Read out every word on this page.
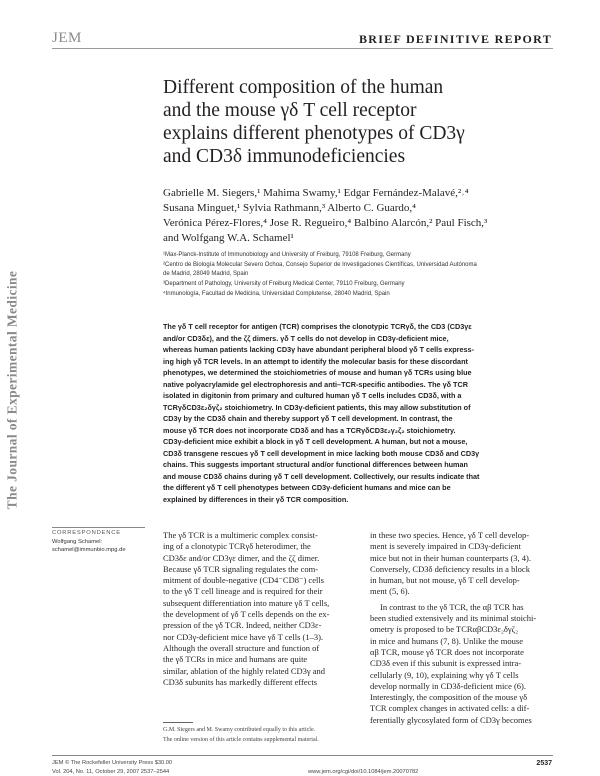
JEM	BRIEF DEFINITIVE REPORT
The Journal of Experimental Medicine
Different composition of the human
and the mouse γδ T cell receptor
explains different phenotypes of CD3γ
and CD3δ immunodeficiencies
Gabrielle M. Siegers,¹ Mahima Swamy,¹ Edgar Fernández-Malavé,²˒⁴
Susana Minguet,¹ Sylvia Rathmann,³ Alberto C. Guardo,⁴
Verónica Pérez-Flores,⁴ Jose R. Regueiro,⁴ Balbino Alarcón,² Paul Fisch,³
and Wolfgang W.A. Schamel¹
¹Max-Planck-Institute of Immunobiology and University of Freiburg, 79108 Freiburg, Germany
²Centro de Biología Molecular Severo Ochoa, Consejo Superior de Investigaciones Científicas, Universidad Autónoma
de Madrid, 28049 Madrid, Spain
³Department of Pathology, University of Freiburg Medical Center, 79110 Freiburg, Germany
⁴Inmunología, Facultad de Medicina, Universidad Complutense, 28040 Madrid, Spain
The γδ T cell receptor for antigen (TCR) comprises the clonotypic TCRγδ, the CD3 (CD3γε
and/or CD3δε), and the ζζ dimers. γδ T cells do not develop in CD3γ-deficient mice,
whereas human patients lacking CD3γ have abundant peripheral blood γδ T cells express-
ing high γδ TCR levels. In an attempt to identify the molecular basis for these discordant
phenotypes, we determined the stoichiometries of mouse and human γδ TCRs using blue
native polyacrylamide gel electrophoresis and anti–TCR-specific antibodies. The γδ TCR
isolated in digitonin from primary and cultured human γδ T cells includes CD3δ, with a
TCRγδCD3ε₂δγζ₂ stoichiometry. In CD3γ-deficient patients, this may allow substitution of
CD3γ by the CD3δ chain and thereby support γδ T cell development. In contrast, the
mouse γδ TCR does not incorporate CD3δ and has a TCRγδCD3ε₂γ₂ζ₂ stoichiometry.
CD3γ-deficient mice exhibit a block in γδ T cell development. A human, but not a mouse,
CD3δ transgene rescues γδ T cell development in mice lacking both mouse CD3δ and CD3γ
chains. This suggests important structural and/or functional differences between human
and mouse CD3δ chains during γδ T cell development. Collectively, our results indicate that
the different γδ T cell phenotypes between CD3γ-deficient humans and mice can be
explained by differences in their γδ TCR composition.
CORRESPONDENCE
Wolfgang Schamel:
schamel@immunbio.mpg.de
The γδ TCR is a multimeric complex consist-
ing of a clonotypic TCRγδ heterodimer, the
CD3δε and/or CD3γε dimer, and the ζζ dimer.
Because γδ TCR signaling regulates the com-
mitment of double-negative (CD4⁻CD8⁻) cells
to the γδ T cell lineage and is required for their
subsequent differentiation into mature γδ T cells,
the development of γδ T cells depends on the ex-
pression of the γδ TCR. Indeed, neither CD3ε-
nor CD3γ-deficient mice have γδ T cells (1–3).
Although the overall structure and function of
the γδ TCRs in mice and humans are quite
similar, ablation of the highly related CD3γ and
CD3δ subunits has markedly different effects
in these two species. Hence, γδ T cell develop-
ment is severely impaired in CD3γ-deficient
mice but not in their human counterparts (3, 4).
Conversely, CD3δ deficiency results in a block
in human, but not mouse, γδ T cell develop-
ment (5, 6).
In contrast to the γδ TCR, the αβ TCR has
been studied extensively and its minimal stoichi-
ometry is proposed to be TCRαβCD3ε₂δγζ₂
in mice and humans (7, 8). Unlike the mouse
αβ TCR, mouse γδ TCR does not incorporate
CD3δ even if this subunit is expressed intra-
cellularly (9, 10), explaining why γδ T cells
develop normally in CD3δ-deficient mice (6).
Interestingly, the composition of the mouse γδ
TCR complex changes in activated cells: a dif-
ferentially glycosylated form of CD3γ becomes
G.M. Siegers and M. Swamy contributed equally to this article.
The online version of this article contains supplemental material.
JEM © The Rockefeller University Press $30.00
Vol. 204, No. 11, October 29, 2007 2537–2544	www.jem.org/cgi/doi/10.1084/jem.20070782
2537
